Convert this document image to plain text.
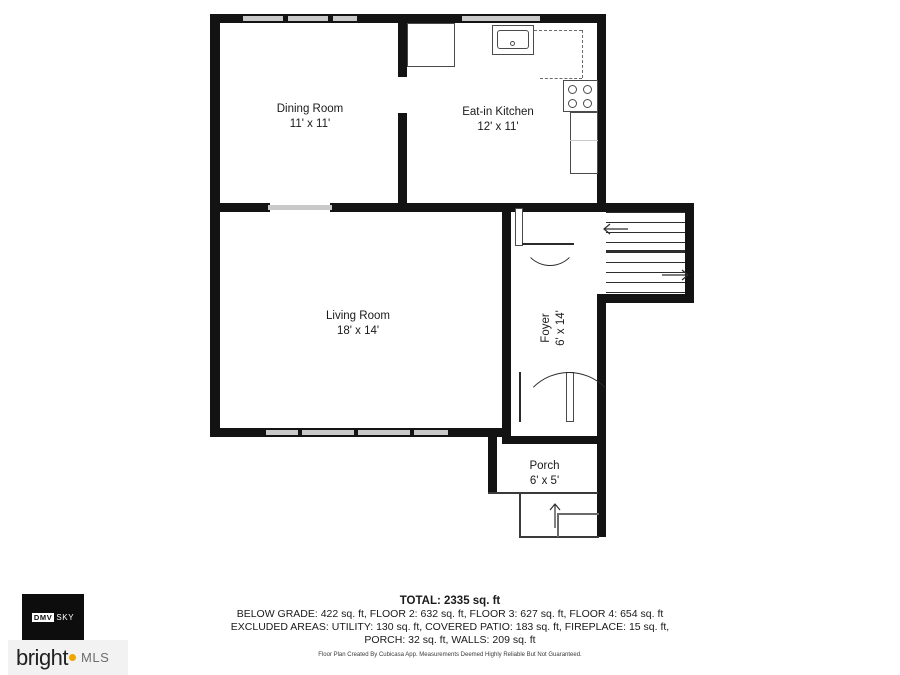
Dining Room
11' x 11'
Eat-in Kitchen
12' x 11'
Living Room
18' x 14'	Foyer 6' x 14'
Porch
6' x 5'
TOTAL: 2335 sq. ft
BELOW GRADE: 422 sq. ft, FLOOR 2: 632 sq. ft, FLOOR 3: 627 sq. ft, FLOOR 4: 654 sq. ft
EXCLUDED AREAS: UTILITY: 130 sq. ft, COVERED PATIO: 183 sq. ft, FIREPLACE: 15 sq. ft,
PORCH: 32 sq. ft, WALLS: 209 sq. ft
Floor Plan Created By Cubicasa App. Measurements Deemed Highly Reliable But Not Guaranteed.
DMV SKY
bright MLS
